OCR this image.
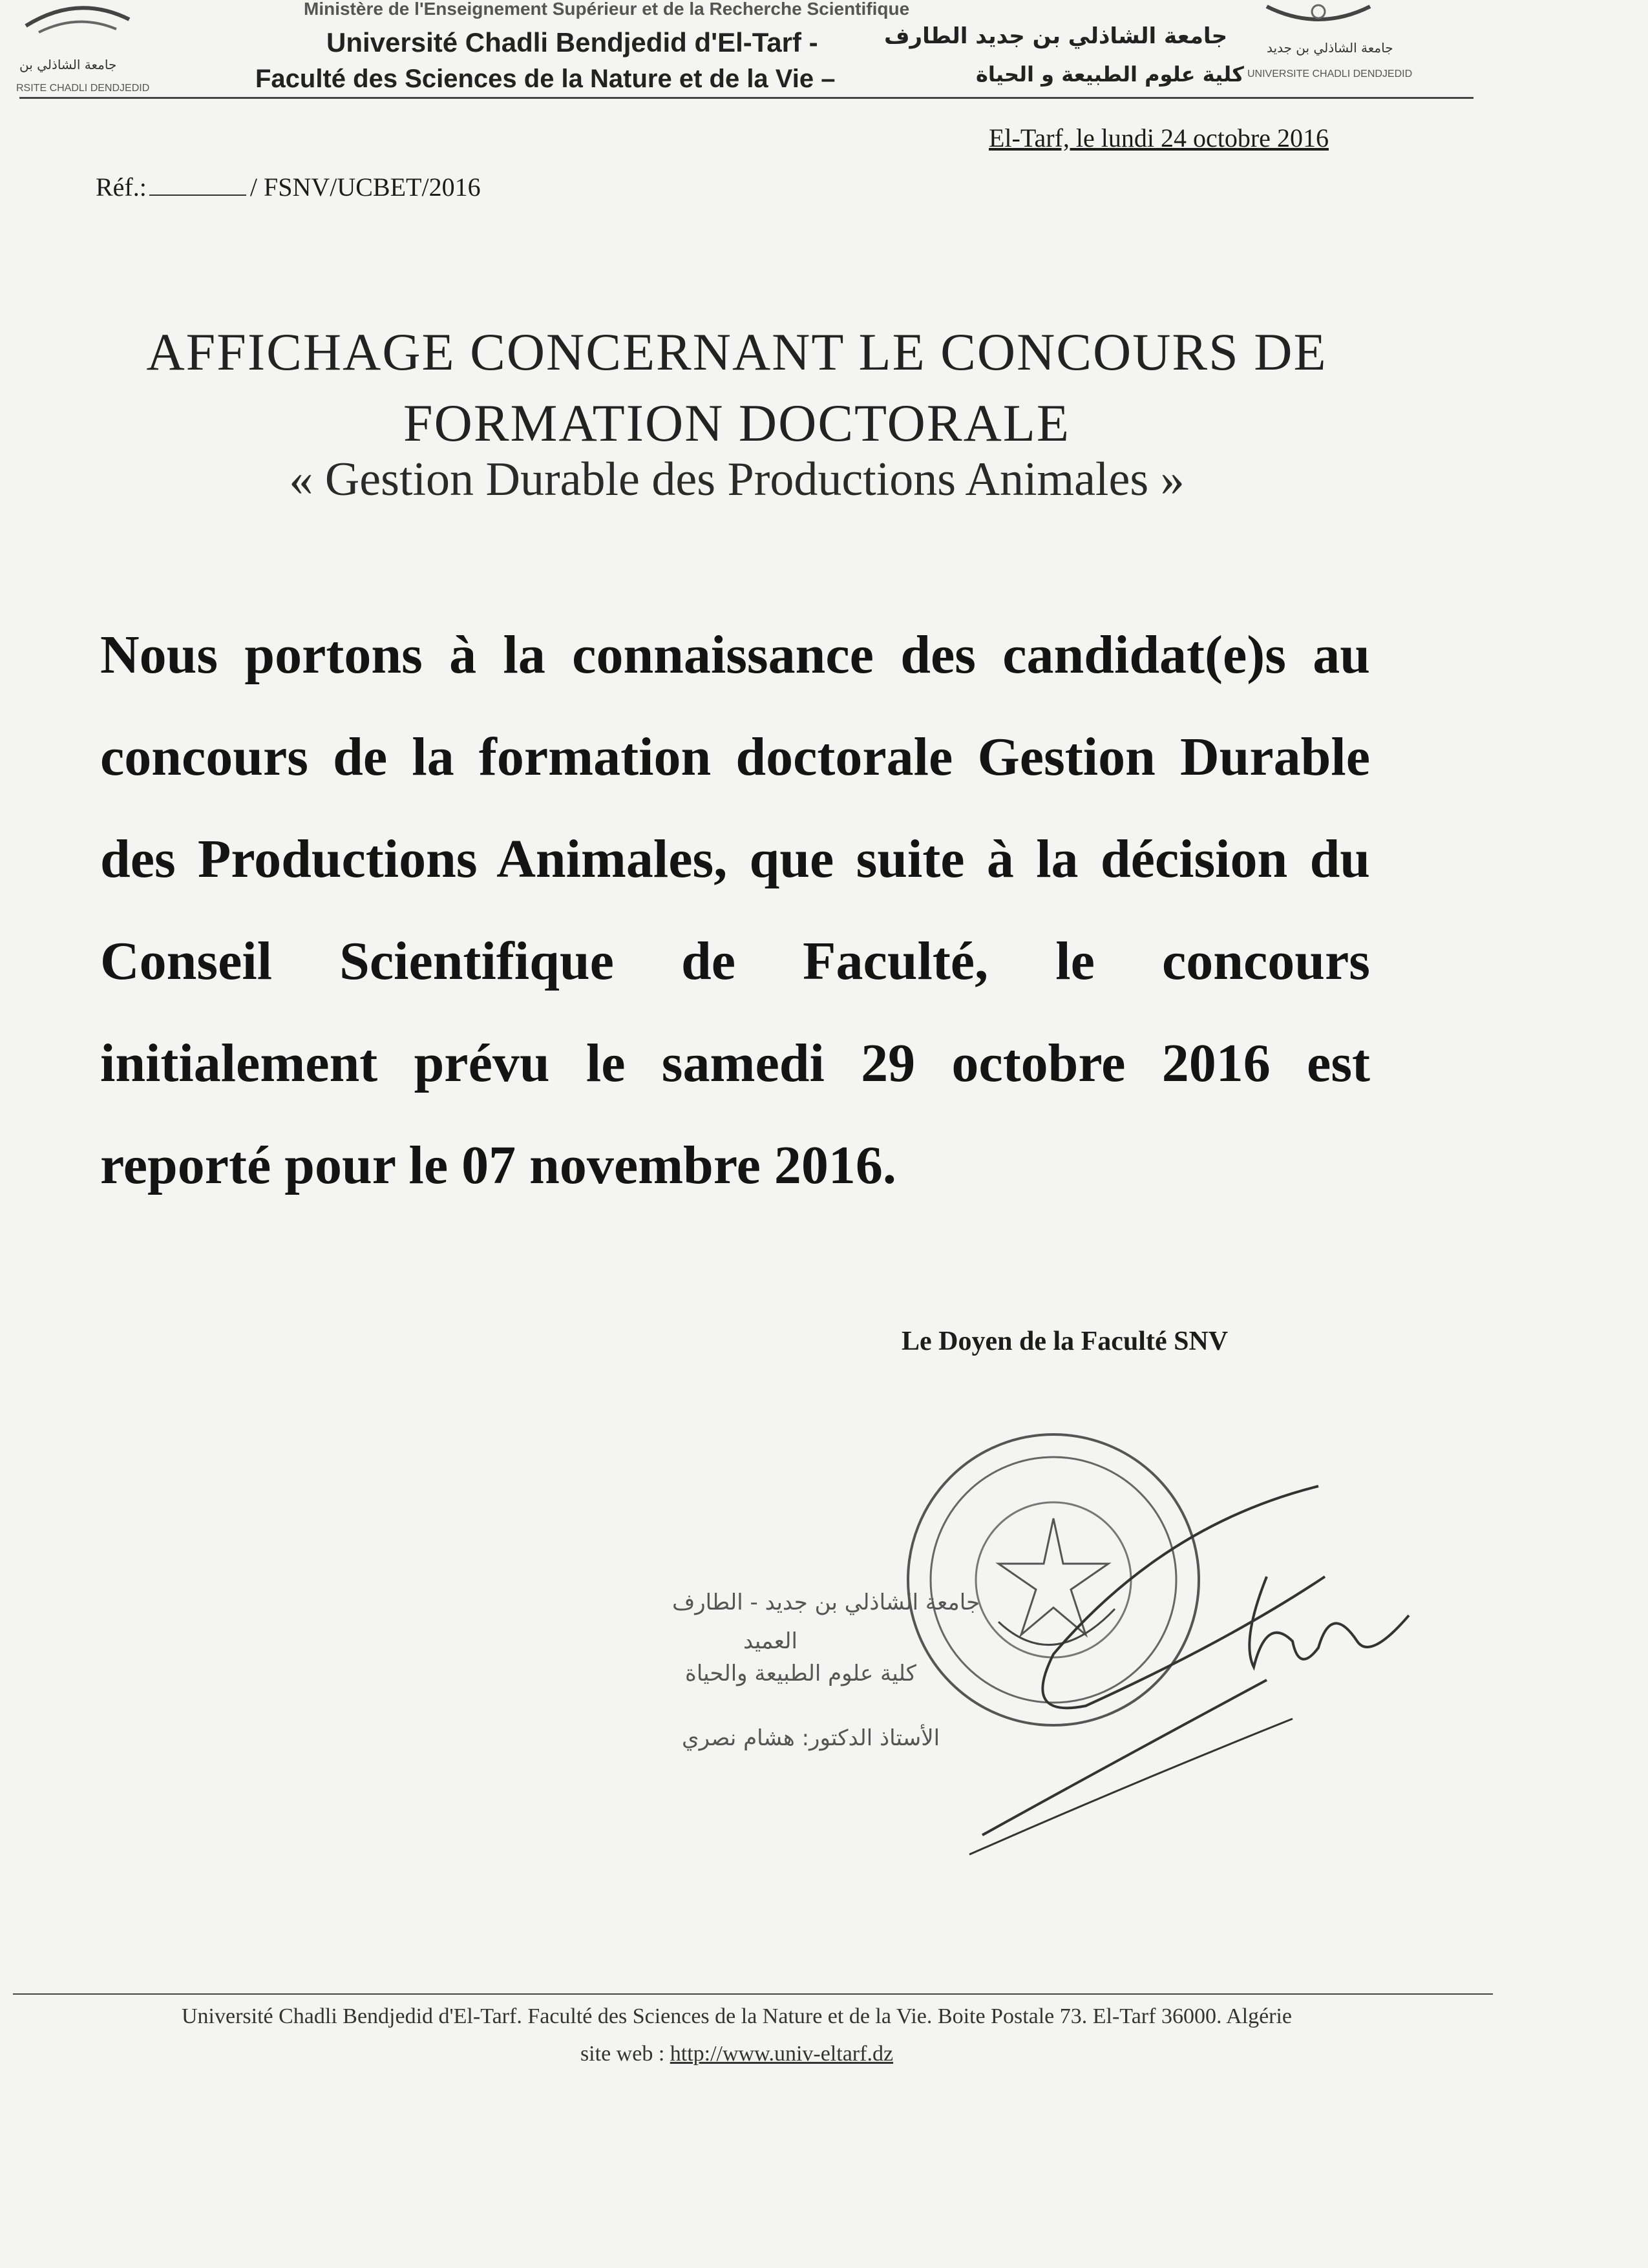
جامعة الشاذلي بن
RSITE CHADLI DENDJEDID
جامعة الشاذلي بن جديد
UNIVERSITE CHADLI DENDJEDID
Ministère de l'Enseignement Supérieur et de la Recherche Scientifique
Université Chadli Bendjedid d'El-Tarf -	جامعة الشاذلي بن جديد الطارف
Faculté des Sciences de la Nature et de la Vie –	كلية علوم الطبيعة و الحياة
El-Tarf, le lundi 24 octobre 2016
Réf.:	/ FSNV/UCBET/2016
AFFICHAGE CONCERNANT LE CONCOURS DE
FORMATION DOCTORALE
« Gestion Durable des Productions Animales »
Nous portons à la connaissance des candidat(e)s au concours de la formation doctorale Gestion Durable des Productions Animales, que suite à la décision du Conseil Scientifique de Faculté, le concours initialement prévu le samedi 29 octobre 2016 est reporté pour le 07 novembre 2016.
Le Doyen de la Faculté SNV
جامعة الشاذلي بن جديد - الطارف
العميد
كلية علوم الطبيعة والحياة
الأستاذ الدكتور: هشام نصري
Université Chadli Bendjedid d'El-Tarf. Faculté des Sciences de la Nature et de la Vie. Boite Postale 73. El-Tarf 36000. Algérie
site web : http://www.univ-eltarf.dz
